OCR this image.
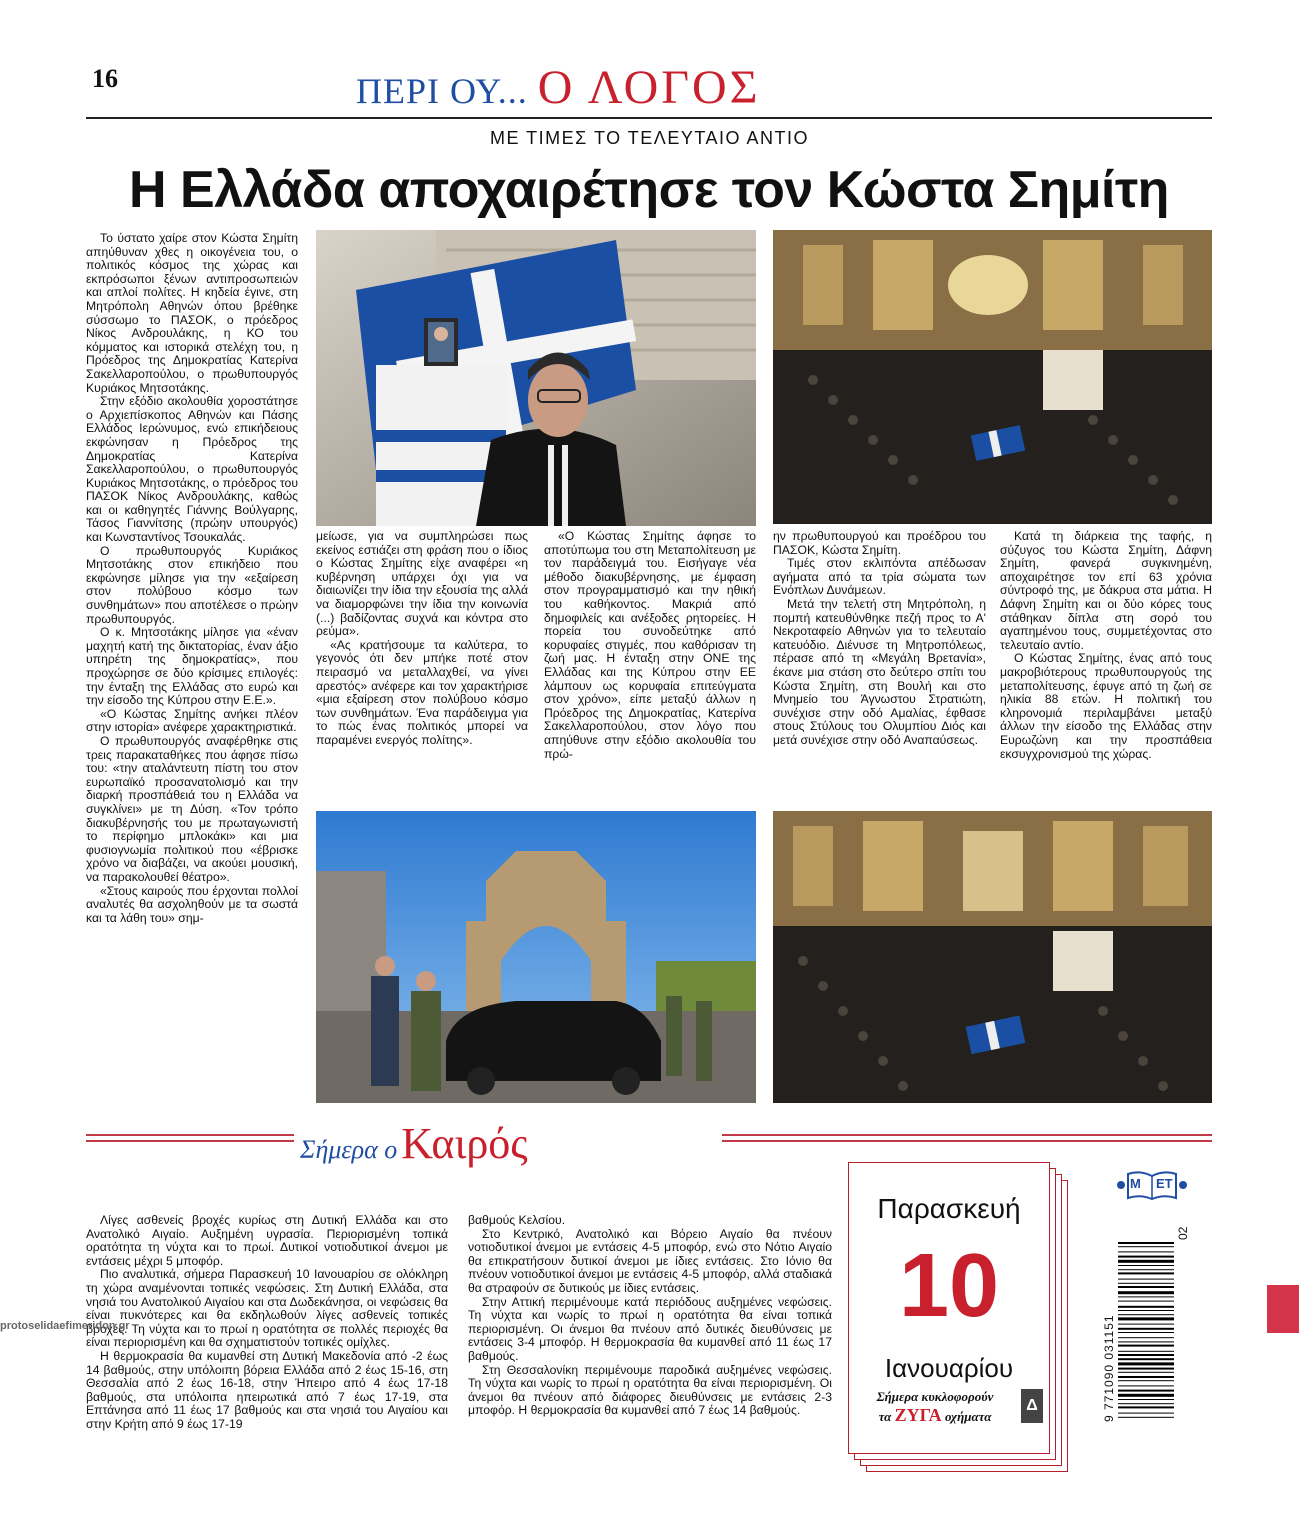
16	ΠΕΡΙ ΟΥ... Ο ΛΟΓΟΣ
ΜΕ ΤΙΜΕΣ ΤΟ ΤΕΛΕΥΤΑΙΟ ΑΝΤΙΟ
Η Ελλάδα αποχαιρέτησε τον Κώστα Σημίτη

Το ύστατο χαίρε στον Κώστα Σημίτη απηύθυναν χθες η οικογένεια του, ο πολιτικός κόσμος της χώρας και εκπρόσωποι ξένων αντιπροσωπειών και απλοί πολίτες. Η κηδεία έγινε, στη Μητρόπολη Αθηνών όπου βρέθηκε σύσσωμο το ΠΑΣΟΚ, ο πρόεδρος Νίκος Ανδρουλάκης, η ΚΟ του κόμματος και ιστορικά στελέχη του, η Πρόεδρος της Δημοκρατίας Κατερίνα Σακελλαροπούλου, ο πρωθυπουργός Κυριάκος Μητσοτάκης.

Στην εξόδιο ακολουθία χοροστάτησε ο Αρχιεπίσκοπος Αθηνών και Πάσης Ελλάδος Ιερώνυμος, ενώ επικήδειους εκφώνησαν η Πρόεδρος της Δημοκρατίας Κατερίνα Σακελλαροπούλου, ο πρωθυπουργός Κυριάκος Μητσοτάκης, ο πρόεδρος του ΠΑΣΟΚ Νίκος Ανδρουλάκης, καθώς και οι καθηγητές Γιάννης Βούλγαρης, Τάσος Γιαννίτσης (πρώην υπουργός) και Κωνσταντίνος Τσουκαλάς.

Ο πρωθυπουργός Κυριάκος Μητσοτάκης στον επικήδειο που εκφώνησε μίλησε για την «εξαίρεση στον πολύβουο κόσμο των συνθημάτων» που αποτέλεσε ο πρώην πρωθυπουργός.

Ο κ. Μητσοτάκης μίλησε για «έναν μαχητή κατή της δικτατορίας, έναν άξιο υπηρέτη της δημοκρατίας», που προχώρησε σε δύο κρίσιμες επιλογές: την ένταξη της Ελλάδας στο ευρώ και την είσοδο της Κύπρου στην Ε.Ε.».

«Ο Κώστας Σημίτης ανήκει πλέον στην ιστορία» ανέφερε χαρακτηριστικά.

Ο πρωθυπουργός αναφέρθηκε στις τρεις παρακαταθήκες που άφησε πίσω του: «την αταλάντευτη πίστη του στον ευρωπαϊκό προσανατολισμό και την διαρκή προσπάθειά του η Ελλάδα να συγκλίνει» με τη Δύση. «Τον τρόπο διακυβέρνησής του με πρωταγωνιστή το περίφημο μπλοκάκι» και μια φυσιογνωμία πολιτικού που «έβρισκε χρόνο να διαβάζει, να ακούει μουσική, να παρακολουθεί θέατρο».

«Στους καιρούς που έρχονται πολλοί αναλυτές θα ασχοληθούν με τα σωστά και τα λάθη του» σημ-

μείωσε, για να συμπληρώσει πως εκείνος εστιάζει στη φράση που ο ίδιος ο Κώστας Σημίτης είχε αναφέρει «η κυβέρνηση υπάρχει όχι για να διαιωνίζει την ίδια την εξουσία της αλλά να διαμορφώνει την ίδια την κοινωνία (...) βαδίζοντας συχνά και κόντρα στο ρεύμα».

«Ας κρατήσουμε τα καλύτερα, το γεγονός ότι δεν μπήκε ποτέ στον πειρασμό να μεταλλαχθεί, να γίνει αρεστός» ανέφερε και τον χαρακτήρισε «μια εξαίρεση στον πολύβουο κόσμο των συνθημάτων. Ένα παράδειγμα για το πώς ένας πολιτικός μπορεί να παραμένει ενεργός πολίτης».

«Ο Κώστας Σημίτης άφησε το αποτύπωμα του στη Μεταπολίτευση με τον παράδειγμά του. Εισήγαγε νέα μέθοδο διακυβέρνησης, με έμφαση στον προγραμματισμό και την ηθική του καθήκοντος. Μακριά από δημοφιλείς και ανέξοδες ρητορείες. Η πορεία του συνοδεύτηκε από κορυφαίες στιγμές, που καθόρισαν τη ζωή μας. Η ένταξη στην ΟΝΕ της Ελλάδας και της Κύπρου στην ΕΕ λάμπουν ως κορυφαία επιτεύγματα στον χρόνο», είπε μεταξύ άλλων η Πρόεδρος της Δημοκρατίας, Κατερίνα Σακελλαροπούλου, στον λόγο που απηύθυνε στην εξόδιο ακολουθία του πρώ-

ην πρωθυπουργού και προέδρου του ΠΑΣΟΚ, Κώστα Σημίτη.

Τιμές στον εκλιπόντα απέδωσαν αγήματα από τα τρία σώματα των Ενόπλων Δυνάμεων.

Μετά την τελετή στη Μητρόπολη, η πομπή κατευθύνθηκε πεζή προς το Α' Νεκροταφείο Αθηνών για το τελευταίο κατευόδιο. Διένυσε τη Μητροπόλεως, πέρασε από τη «Μεγάλη Βρετανία», έκανε μια στάση στο δεύτερο σπίτι του Κώστα Σημίτη, στη Βουλή και στο Μνημείο του Άγνωστου Στρατιώτη, συνέχισε στην οδό Αμαλίας, έφθασε στους Στύλους του Ολυμπίου Διός και μετά συνέχισε στην οδό Αναπαύσεως.

Κατά τη διάρκεια της ταφής, η σύζυγος του Κώστα Σημίτη, Δάφνη Σημίτη, φανερά συγκινημένη, αποχαιρέτησε τον επί 63 χρόνια σύντροφό της, με δάκρυα στα μάτια. Η Δάφνη Σημίτη και οι δύο κόρες τους στάθηκαν δίπλα στη σορό του αγαπημένου τους, συμμετέχοντας στο τελευταίο αντίο.

Ο Κώστας Σημίτης, ένας από τους μακροβιότερους πρωθυπουργούς της μεταπολίτευσης, έφυγε από τη ζωή σε ηλικία 88 ετών. Η πολιτική του κληρονομιά περιλαμβάνει μεταξύ άλλων την είσοδο της Ελλάδας στην Ευρωζώνη και την προσπάθεια εκσυγχρονισμού της χώρας.

Σήμερα ο Καιρός

Λίγες ασθενείς βροχές κυρίως στη Δυτική Ελλάδα και στο Ανατολικό Αιγαίο. Αυξημένη υγρασία. Περιορισμένη τοπικά ορατότητα τη νύχτα και το πρωί. Δυτικοί νοτιοδυτικοί άνεμοι με εντάσεις μέχρι 5 μποφόρ.

Πιο αναλυτικά, σήμερα Παρασκευή 10 Ιανουαρίου σε ολόκληρη τη χώρα αναμένονται τοπικές νεφώσεις. Στη Δυτική Ελλάδα, στα νησιά του Ανατολικού Αιγαίου και στα Δωδεκάνησα, οι νεφώσεις θα είναι πυκνότερες και θα εκδηλωθούν λίγες ασθενείς τοπικές βροχές. Τη νύχτα και το πρωί η ορατότητα σε πολλές περιοχές θα είναι περιορισμένη και θα σχηματιστούν τοπικές ομίχλες.

Η θερμοκρασία θα κυμανθεί στη Δυτική Μακεδονία από -2 έως 14 βαθμούς, στην υπόλοιπη βόρεια Ελλάδα από 2 έως 15-16, στη Θεσσαλία από 2 έως 16-18, στην Ήπειρο από 4 έως 17-18 βαθμούς, στα υπόλοιπα ηπειρωτικά από 7 έως 17-19, στα Επτάνησα από 11 έως 17 βαθμούς και στα νησιά του Αιγαίου και στην Κρήτη από 9 έως 17-19

βαθμούς Κελσίου.

Στο Κεντρικό, Ανατολικό και Βόρειο Αιγαίο θα πνέουν νοτιοδυτικοί άνεμοι με εντάσεις 4-5 μποφόρ, ενώ στο Νότιο Αιγαίο θα επικρατήσουν δυτικοί άνεμοι με ίδιες εντάσεις. Στο Ιόνιο θα πνέουν νοτιοδυτικοί άνεμοι με εντάσεις 4-5 μποφόρ, αλλά σταδιακά θα στραφούν σε δυτικούς με ίδιες εντάσεις.

Στην Αττική περιμένουμε κατά περιόδους αυξημένες νεφώσεις. Τη νύχτα και νωρίς το πρωί η ορατότητα θα είναι τοπικά περιορισμένη. Οι άνεμοι θα πνέουν από δυτικές διευθύνσεις με εντάσεις 3-4 μποφόρ. Η θερμοκρασία θα κυμανθεί από 11 έως 17 βαθμούς.

Στη Θεσσαλονίκη περιμένουμε παροδικά αυξημένες νεφώσεις. Τη νύχτα και νωρίς το πρωί η ορατότητα θα είναι περιορισμένη. Οι άνεμοι θα πνέουν από διάφορες διευθύνσεις με εντάσεις 2-3 μποφόρ. Η θερμοκρασία θα κυμανθεί από 7 έως 14 βαθμούς.

Παρασκευή
10
Ιανουαρίου
Σήμερα κυκλοφορούν
τα ΖΥΓΑ οχήματα
Δ
Μ ΕΤ
9 771090 031151
02
protoselidaefimeridon.gr
